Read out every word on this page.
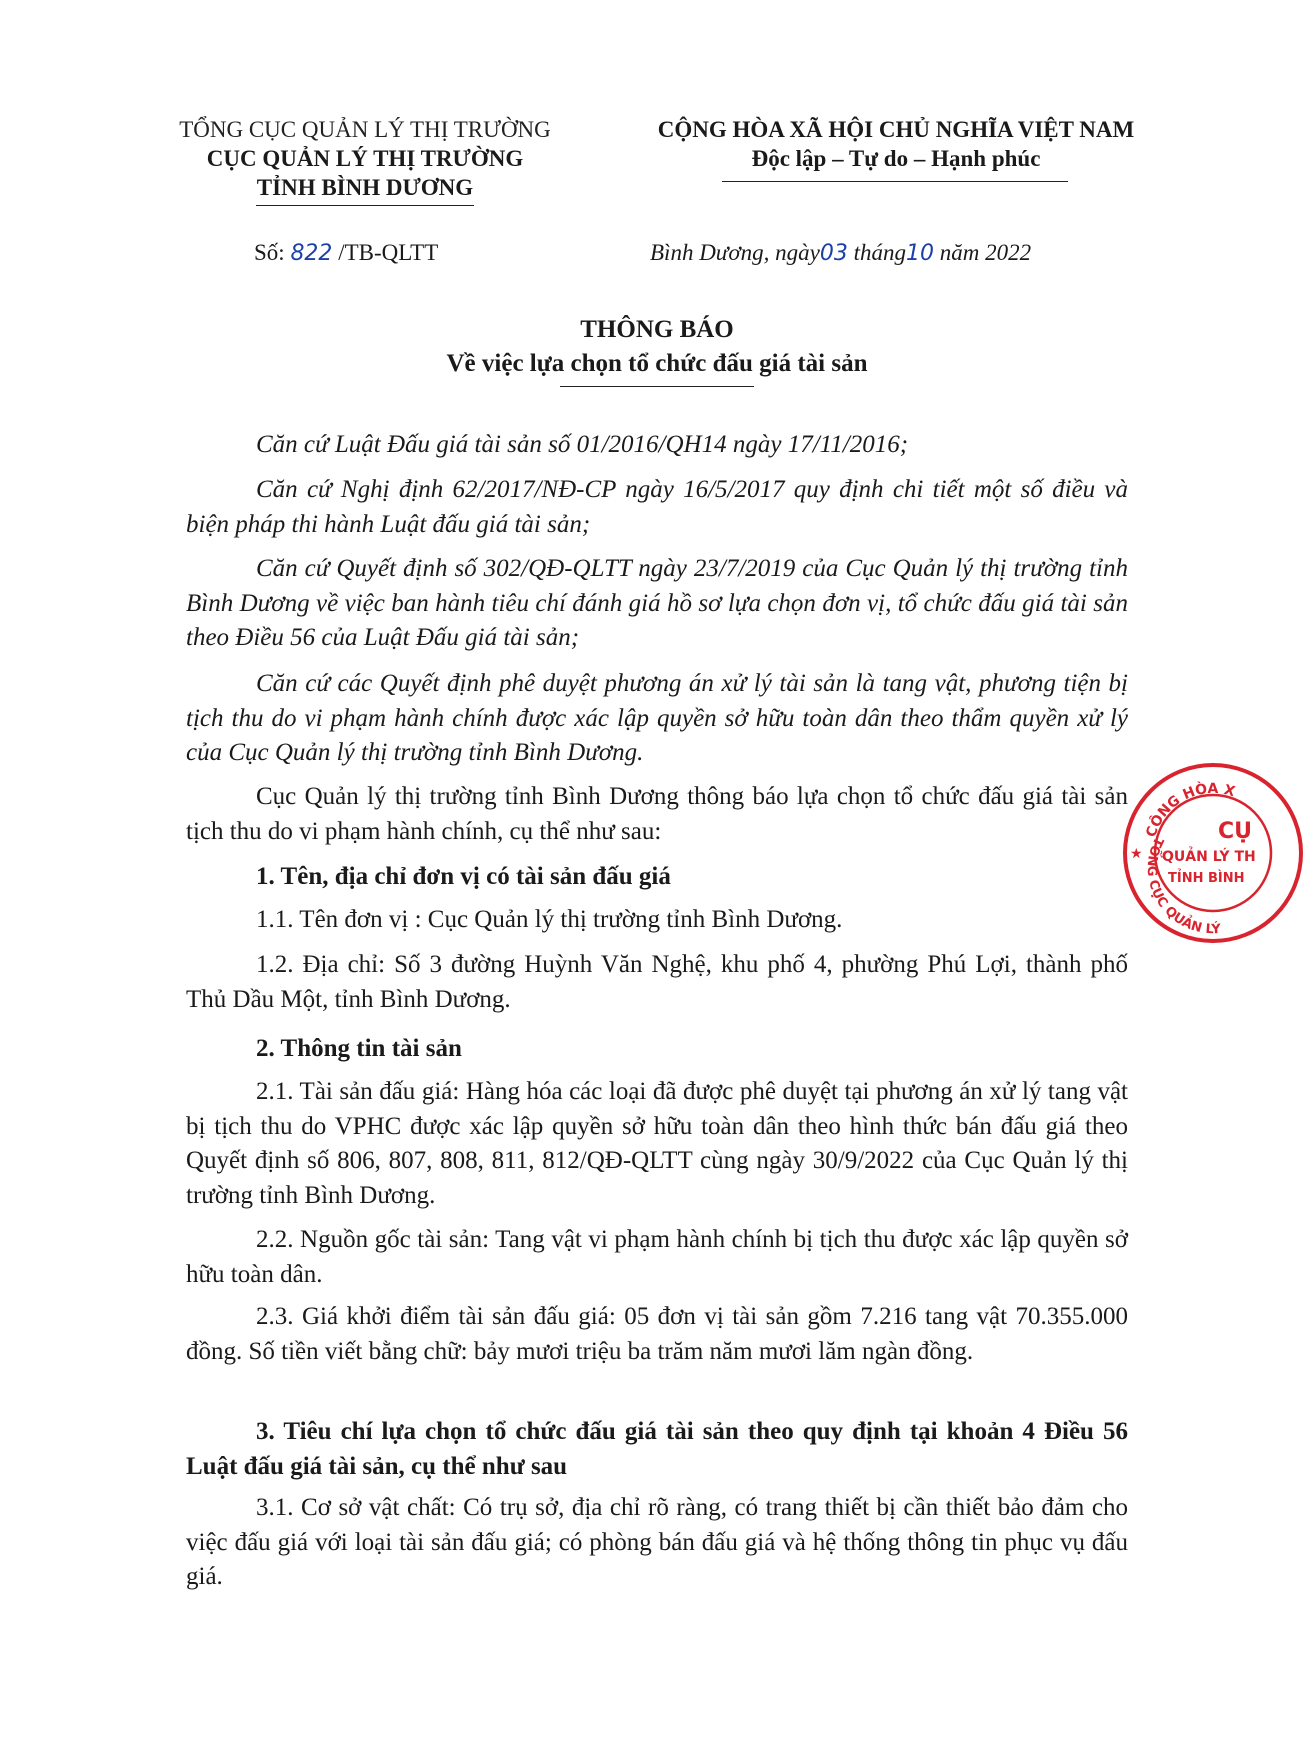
TỔNG CỤC QUẢN LÝ THỊ TRƯỜNG
CỤC QUẢN LÝ THỊ TRƯỜNG
TỈNH BÌNH DƯƠNG
CỘNG HÒA XÃ HỘI CHỦ NGHĨA VIỆT NAM
Độc lập – Tự do – Hạnh phúc
Số: 822 /TB-QLTT	Bình Dương, ngày03 tháng10 năm 2022
THÔNG BÁO
Về việc lựa chọn tổ chức đấu giá tài sản
Căn cứ Luật Đấu giá tài sản số 01/2016/QH14 ngày 17/11/2016;
Căn cứ Nghị định 62/2017/NĐ-CP ngày 16/5/2017 quy định chi tiết một số điều và biện pháp thi hành Luật đấu giá tài sản;
Căn cứ Quyết định số 302/QĐ-QLTT ngày 23/7/2019 của Cục Quản lý thị trường tỉnh Bình Dương về việc ban hành tiêu chí đánh giá hồ sơ lựa chọn đơn vị, tổ chức đấu giá tài sản theo Điều 56 của Luật Đấu giá tài sản;
Căn cứ các Quyết định phê duyệt phương án xử lý tài sản là tang vật, phương tiện bị tịch thu do vi phạm hành chính được xác lập quyền sở hữu toàn dân theo thẩm quyền xử lý của Cục Quản lý thị trường tỉnh Bình Dương.
Cục Quản lý thị trường tỉnh Bình Dương thông báo lựa chọn tổ chức đấu giá tài sản tịch thu do vi phạm hành chính, cụ thể như sau:
1. Tên, địa chỉ đơn vị có tài sản đấu giá
1.1. Tên đơn vị : Cục Quản lý thị trường tỉnh Bình Dương.
1.2. Địa chỉ: Số 3 đường Huỳnh Văn Nghệ, khu phố 4, phường Phú Lợi, thành phố Thủ Dầu Một, tỉnh Bình Dương.
2. Thông tin tài sản
2.1. Tài sản đấu giá: Hàng hóa các loại đã được phê duyệt tại phương án xử lý tang vật bị tịch thu do VPHC được xác lập quyền sở hữu toàn dân theo hình thức bán đấu giá theo Quyết định số 806, 807, 808, 811, 812/QĐ-QLTT cùng ngày 30/9/2022 của Cục Quản lý thị trường tỉnh Bình Dương.
2.2. Nguồn gốc tài sản: Tang vật vi phạm hành chính bị tịch thu được xác lập quyền sở hữu toàn dân.
2.3. Giá khởi điểm tài sản đấu giá: 05 đơn vị tài sản gồm 7.216 tang vật 70.355.000 đồng. Số tiền viết bằng chữ: bảy mươi triệu ba trăm năm mươi lăm ngàn đồng.
3. Tiêu chí lựa chọn tổ chức đấu giá tài sản theo quy định tại khoản 4 Điều 56 Luật đấu giá tài sản, cụ thể như sau
3.1. Cơ sở vật chất: Có trụ sở, địa chỉ rõ ràng, có trang thiết bị cần thiết bảo đảm cho việc đấu giá với loại tài sản đấu giá; có phòng bán đấu giá và hệ thống thông tin phục vụ đấu giá.
CỘNG HÒA X
TỔNG CỤC QUẢN LÝ
★
CỤ
QUẢN LÝ TH
TỈNH BÌNH
